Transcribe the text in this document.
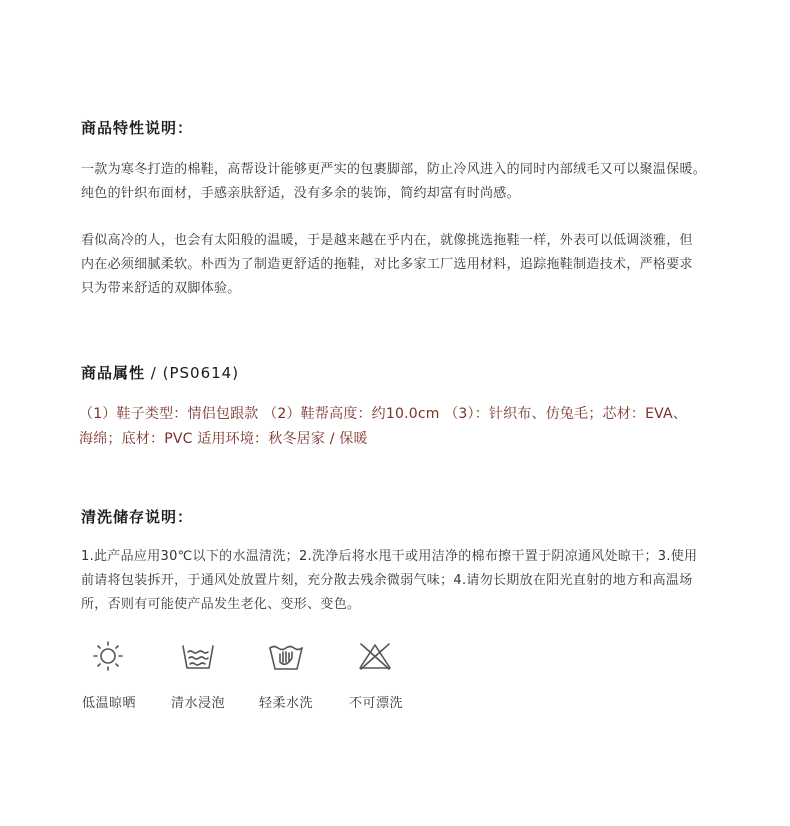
商品特性说明：
一款为寒冬打造的棉鞋，高帮设计能够更严实的包裹脚部，防止冷风进入的同时内部绒毛又可以聚温保暖。
纯色的针织布面材，手感亲肤舒适，没有多余的装饰，简约却富有时尚感。
看似高冷的人，也会有太阳般的温暖，于是越来越在乎内在，就像挑选拖鞋一样，外表可以低调淡雅，但
内在必须细腻柔软。朴西为了制造更舒适的拖鞋，对比多家工厂选用材料，追踪拖鞋制造技术，严格要求
只为带来舒适的双脚体验。
商品属性 / (PS0614)
（1）鞋子类型：情侣包跟款 （2）鞋帮高度：约10.0cm （3）：针织布、仿兔毛；芯材：EVA、
海绵；底材：PVC 适用环境：秋冬居家 / 保暖
清洗储存说明：
1.此产品应用30℃以下的水温清洗；2.洗净后将水甩干或用洁净的棉布擦干置于阴凉通风处晾干；3.使用
前请将包装拆开，于通风处放置片刻，充分散去残余微弱气味；4.请勿长期放在阳光直射的地方和高温场
所，否则有可能使产品发生老化、变形、变色。
低温晾晒	清水浸泡	轻柔水洗	不可漂洗
